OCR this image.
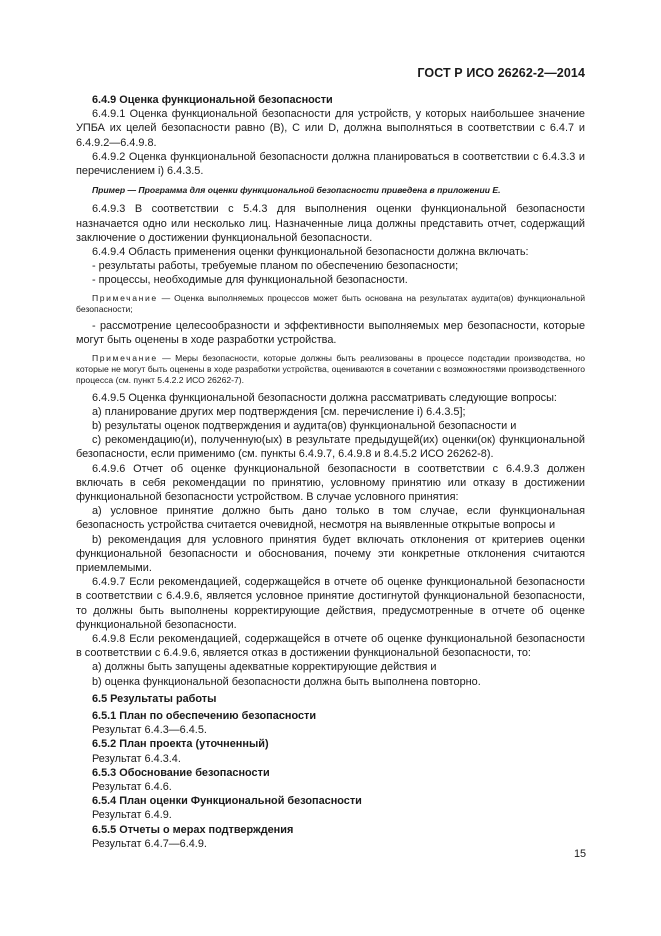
ГОСТ Р ИСО 26262-2—2014

6.4.9 Оценка функциональной безопасности

6.4.9.1 Оценка функциональной безопасности для устройств, у которых наибольшее значение УПБА их целей безопасности равно (В), С или D, должна выполняться в соответствии с 6.4.7 и 6.4.9.2—6.4.9.8.

6.4.9.2 Оценка функциональной безопасности должна планироваться в соответствии с 6.4.3.3 и перечислением i) 6.4.3.5.

Пример — Программа для оценки функциональной безопасности приведена в приложении Е.

6.4.9.3 В соответствии с 5.4.3 для выполнения оценки функциональной безопасности назначается одно или несколько лиц. Назначенные лица должны представить отчет, содержащий заключение о достижении функциональной безопасности.

6.4.9.4 Область применения оценки функциональной безопасности должна включать:

- результаты работы, требуемые планом по обеспечению безопасности;

- процессы, необходимые для функциональной безопасности.

Примечание — Оценка выполняемых процессов может быть основана на результатах аудита(ов) функциональной безопасности;

- рассмотрение целесообразности и эффективности выполняемых мер безопасности, которые могут быть оценены в ходе разработки устройства.

Примечание — Меры безопасности, которые должны быть реализованы в процессе подстадии производства, но которые не могут быть оценены в ходе разработки устройства, оцениваются в сочетании с возможностями производственного процесса (см. пункт 5.4.2.2 ИСО 26262-7).

6.4.9.5 Оценка функциональной безопасности должна рассматривать следующие вопросы:

a) планирование других мер подтверждения [см. перечисление i) 6.4.3.5];

b) результаты оценок подтверждения и аудита(ов) функциональной безопасности и

c) рекомендацию(и), полученную(ых) в результате предыдущей(их) оценки(ок) функциональной безопасности, если применимо (см. пункты 6.4.9.7, 6.4.9.8 и 8.4.5.2 ИСО 26262-8).

6.4.9.6 Отчет об оценке функциональной безопасности в соответствии с 6.4.9.3 должен включать в себя рекомендации по принятию, условному принятию или отказу в достижении функциональной безопасности устройством. В случае условного принятия:

a) условное принятие должно быть дано только в том случае, если функциональная безопасность устройства считается очевидной, несмотря на выявленные открытые вопросы и

b) рекомендация для условного принятия будет включать отклонения от критериев оценки функциональной безопасности и обоснования, почему эти конкретные отклонения считаются приемлемыми.

6.4.9.7 Если рекомендацией, содержащейся в отчете об оценке функциональной безопасности в соответствии с 6.4.9.6, является условное принятие достигнутой функциональной безопасности, то должны быть выполнены корректирующие действия, предусмотренные в отчете об оценке функциональной безопасности.

6.4.9.8 Если рекомендацией, содержащейся в отчете об оценке функциональной безопасности в соответствии с 6.4.9.6, является отказ в достижении функциональной безопасности, то:

a) должны быть запущены адекватные корректирующие действия и

b) оценка функциональной безопасности должна быть выполнена повторно.

6.5 Результаты работы

6.5.1 План по обеспечению безопасности

Результат 6.4.3—6.4.5.

6.5.2 План проекта (уточненный)

Результат 6.4.3.4.

6.5.3 Обоснование безопасности

Результат 6.4.6.

6.5.4 План оценки Функциональной безопасности

Результат 6.4.9.

6.5.5 Отчеты о мерах подтверждения

Результат 6.4.7—6.4.9.

15
